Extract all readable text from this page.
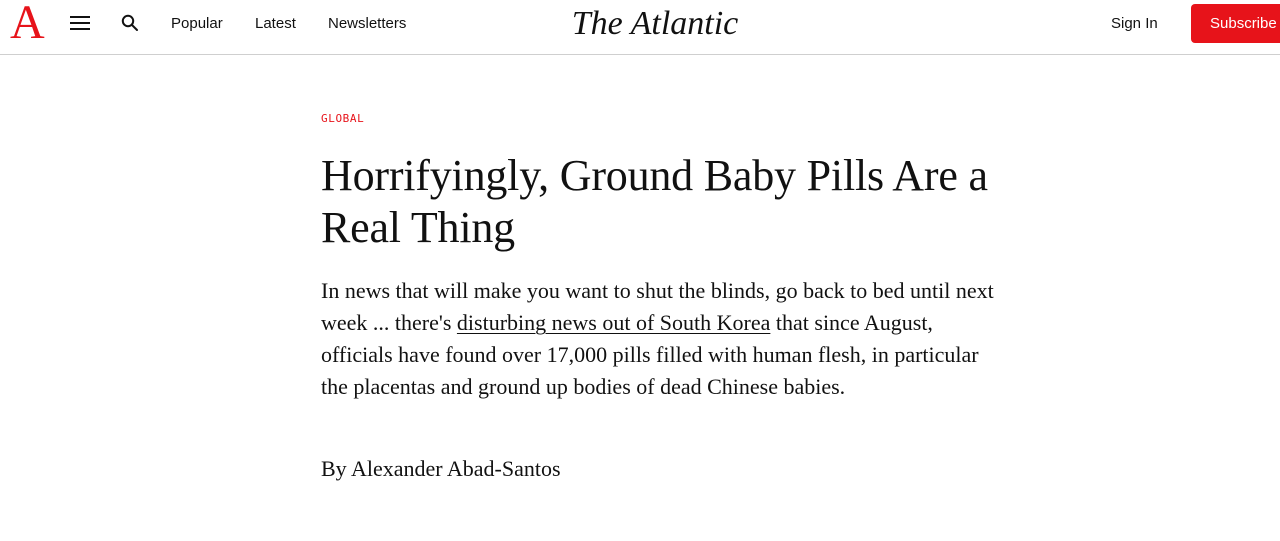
A	Popular Latest Newsletters	The Atlantic	Sign In	Subscribe
GLOBAL
Horrifyingly, Ground Baby Pills Are a Real Thing

In news that will make you want to shut the blinds, go back to bed until next week ... there's disturbing news out of South Korea that since August, officials have found over 17,000 pills filled with human flesh, in particular the placentas and ground up bodies of dead Chinese babies.

By Alexander Abad-Santos
